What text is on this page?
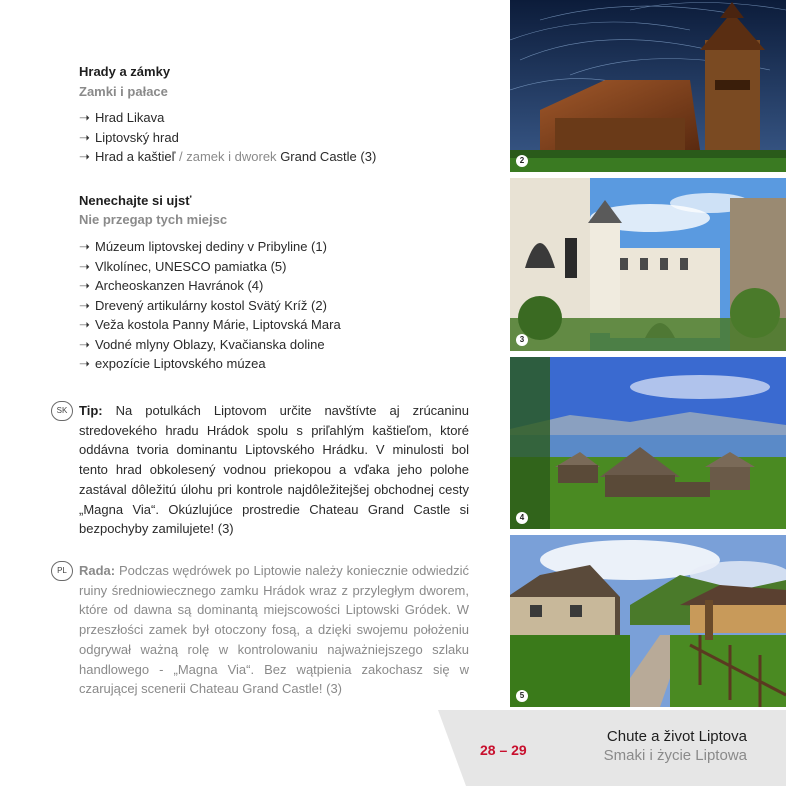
Hrady a zámky
Zamki i pałace
➝ Hrad Likava
➝ Liptovský hrad
➝ Hrad a kaštieľ / zamek i dworek Grand Castle (3)
Nenechajte si ujsť
Nie przegap tych miejsc
➝ Múzeum liptovskej dediny v Pribyline (1)
➝ Vlkolínec, UNESCO pamiatka (5)
➝ Archeoskanzen Havránok (4)
➝ Drevený artikulárny kostol Svätý Kríž (2)
➝ Veža kostola Panny Márie, Liptovská Mara
➝ Vodné mlyny Oblazy, Kvačianska doline
➝ expozície Liptovského múzea
SK Tip: Na potulkách Liptovom určite navštívte aj zrúcaninu stredovekého hradu Hrádok spolu s priľahlým kaštieľom, ktoré oddávna tvoria dominantu Liptovského Hrádku. V minulosti bol tento hrad obkolesený vodnou priekopou a vďaka jeho polohe zastával dôležitú úlohu pri kontrole najdôležitejšej obchodnej cesty „Magna Via“. Okúzlujúce prostredie Chateau Grand Castle si bezpochyby zamilujete! (3)

PL Rada: Podczas wędrówek po Liptowie należy koniecznie odwiedzić ruiny średniowiecznego zamku Hrádok wraz z przyległym dworem, które od dawna są dominantą miejscowości Liptowski Gródek. W przeszłości zamek był otoczony fosą, a dzięki swojemu położeniu odgrywał ważną rolę w kontrolowaniu najważniejszego szlaku handlowego - „Magna Via“. Bez wątpienia zakochasz się w czarującej scenerii Chateau Grand Castle! (3)

2
3
4
5
28 – 29
Chute a život Liptova
Smaki i życie Liptowa
